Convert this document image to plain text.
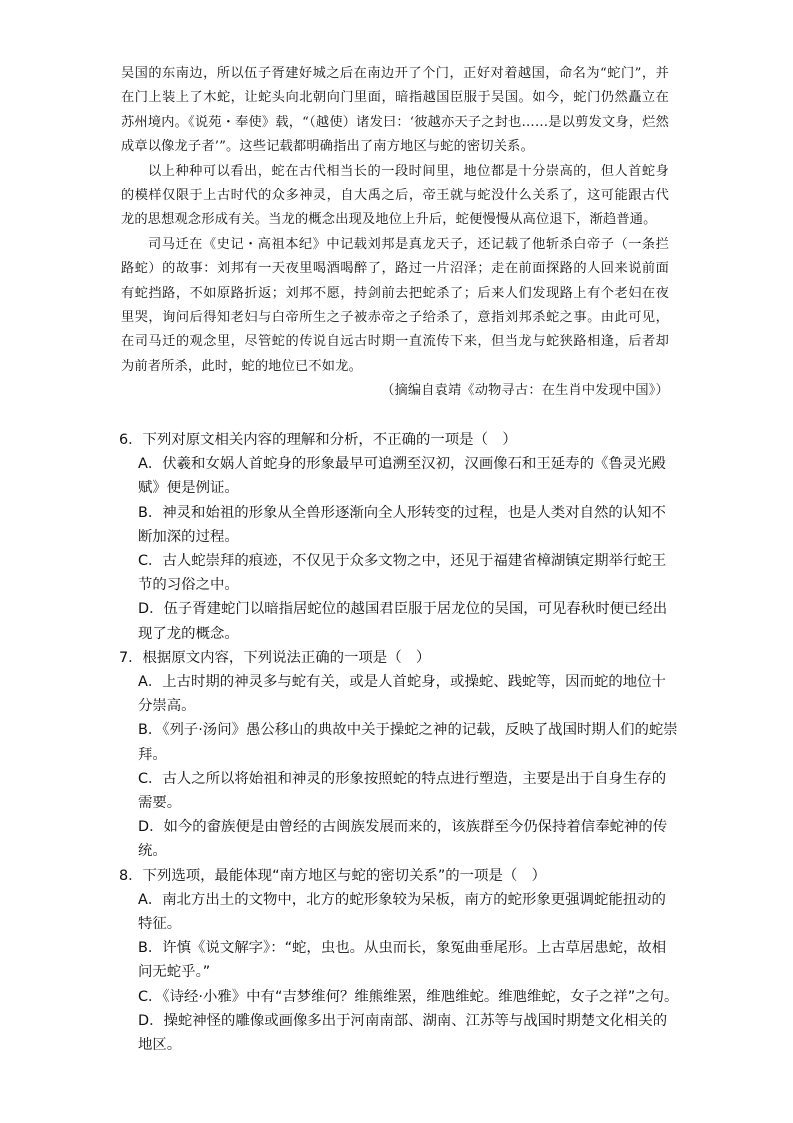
吴国的东南边，所以伍子胥建好城之后在南边开了个门，正好对着越国，命名为“蛇门”，并在门上装上了木蛇，让蛇头向北朝向门里面，暗指越国臣服于吴国。如今，蛇门仍然矗立在苏州境内。《说苑・奉使》载，“（越使）诸发曰：‘彼越亦天子之封也……是以剪发文身，烂然成章以像龙子者’”。这些记载都明确指出了南方地区与蛇的密切关系。

以上种种可以看出，蛇在古代相当长的一段时间里，地位都是十分崇高的，但人首蛇身的模样仅限于上古时代的众多神灵，自大禹之后，帝王就与蛇没什么关系了，这可能跟古代龙的思想观念形成有关。当龙的概念出现及地位上升后，蛇便慢慢从高位退下，渐趋普通。

司马迁在《史记・高祖本纪》中记载刘邦是真龙天子，还记载了他斩杀白帝子（一条拦路蛇）的故事：刘邦有一天夜里喝酒喝醉了，路过一片沼泽；走在前面探路的人回来说前面有蛇挡路，不如原路折返；刘邦不愿，持剑前去把蛇杀了；后来人们发现路上有个老妇在夜里哭，询问后得知老妇与白帝所生之子被赤帝之子给杀了，意指刘邦杀蛇之事。由此可见，在司马迁的观念里，尽管蛇的传说自远古时期一直流传下来，但当龙与蛇狭路相逢，后者却为前者所杀，此时，蛇的地位已不如龙。

（摘编自袁靖《动物寻古：在生肖中发现中国》）

6．下列对原文相关内容的理解和分析，不正确的一项是（　）

A．伏羲和女娲人首蛇身的形象最早可追溯至汉初，汉画像石和王延寿的《鲁灵光殿赋》便是例证。

B．神灵和始祖的形象从全兽形逐渐向全人形转变的过程，也是人类对自然的认知不断加深的过程。

C．古人蛇崇拜的痕迹，不仅见于众多文物之中，还见于福建省樟湖镇定期举行蛇王节的习俗之中。

D．伍子胥建蛇门以暗指居蛇位的越国君臣服于居龙位的吴国，可见春秋时便已经出现了龙的概念。

7．根据原文内容，下列说法正确的一项是（　）

A．上古时期的神灵多与蛇有关，或是人首蛇身，或操蛇、践蛇等，因而蛇的地位十分崇高。

B．《列子·汤问》愚公移山的典故中关于操蛇之神的记载，反映了战国时期人们的蛇崇拜。

C．古人之所以将始祖和神灵的形象按照蛇的特点进行塑造，主要是出于自身生存的需要。

D．如今的畲族便是由曾经的古闽族发展而来的，该族群至今仍保持着信奉蛇神的传统。

8．下列选项，最能体现“南方地区与蛇的密切关系”的一项是（　）

A．南北方出土的文物中，北方的蛇形象较为呆板，南方的蛇形象更强调蛇能扭动的特征。

B．许慎《说文解字》：“蛇，虫也。从虫而长，象冤曲垂尾形。上古草居患蛇，故相问无蛇乎。”

C．《诗经·小雅》中有“吉梦维何？维熊维罴，维虺维蛇。维虺维蛇，女子之祥”之句。

D．操蛇神怪的雕像或画像多出于河南南部、湖南、江苏等与战国时期楚文化相关的地区。
